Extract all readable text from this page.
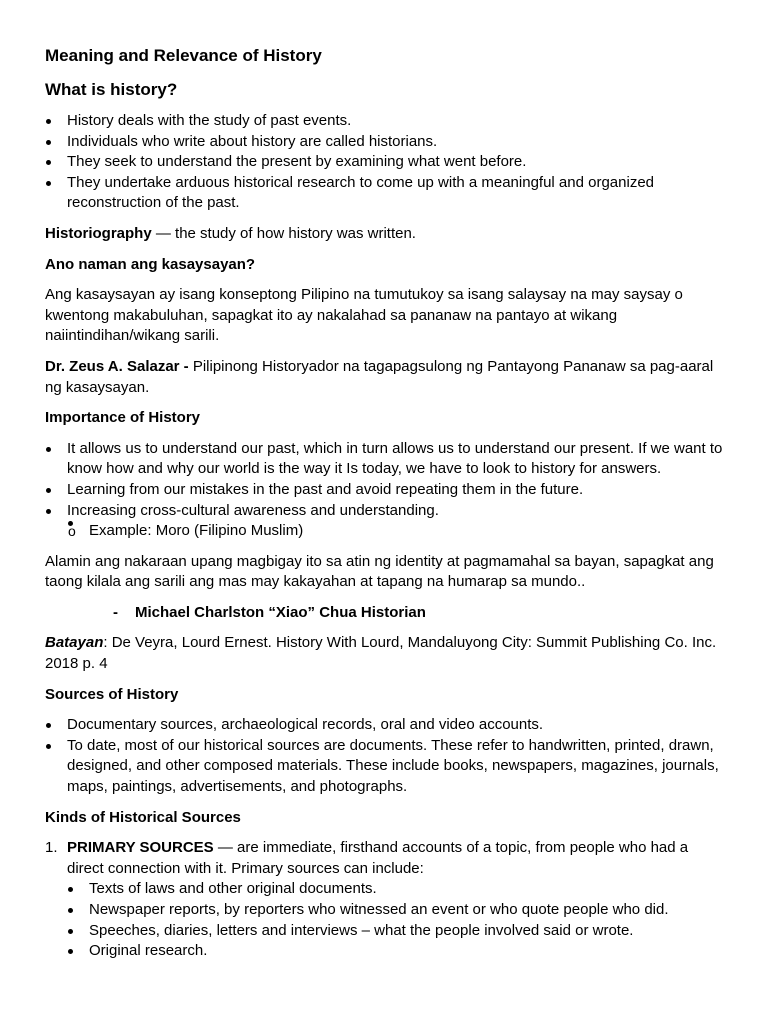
Meaning and Relevance of History
What is history?
History deals with the study of past events.
Individuals who write about history are called historians.
They seek to understand the present by examining what went before.
They undertake arduous historical research to come up with a meaningful and organized reconstruction of the past.

Historiography — the study of how history was written.

Ano naman ang kasaysayan?

Ang kasaysayan ay isang konseptong Pilipino na tumutukoy sa isang salaysay na may saysay o kwentong makabuluhan, sapagkat ito ay nakalahad sa pananaw na pantayo at wikang naiintindihan/wikang sarili.

Dr. Zeus A. Salazar - Pilipinong Historyador na tagapagsulong ng Pantayong Pananaw sa pag-aaral ng kasaysayan.

Importance of History
It allows us to understand our past, which in turn allows us to understand our present. If we want to know how and why our world is the way it Is today, we have to look to history for answers.
Learning from our mistakes in the past and avoid repeating them in the future.
Increasing cross-cultural awareness and understanding.
o Example: Moro (Filipino Muslim)

Alamin ang nakaraan upang magbigay ito sa atin ng identity at pagmamahal sa bayan, sapagkat ang taong kilala ang sarili ang mas may kakayahan at tapang na humarap sa mundo..

- Michael Charlston “Xiao” Chua Historian

Batayan: De Veyra, Lourd Ernest. History With Lourd, Mandaluyong City: Summit Publishing Co. Inc. 2018 p. 4

Sources of History
Documentary sources, archaeological records, oral and video accounts.
To date, most of our historical sources are documents. These refer to handwritten, printed, drawn, designed, and other composed materials. These include books, newspapers, magazines, journals, maps, paintings, advertisements, and photographs.
Kinds of Historical Sources
1. PRIMARY SOURCES — are immediate, firsthand accounts of a topic, from people who had a direct connection with it. Primary sources can include:
Texts of laws and other original documents.
Newspaper reports, by reporters who witnessed an event or who quote people who did.
Speeches, diaries, letters and interviews – what the people involved said or wrote.
Original research.
